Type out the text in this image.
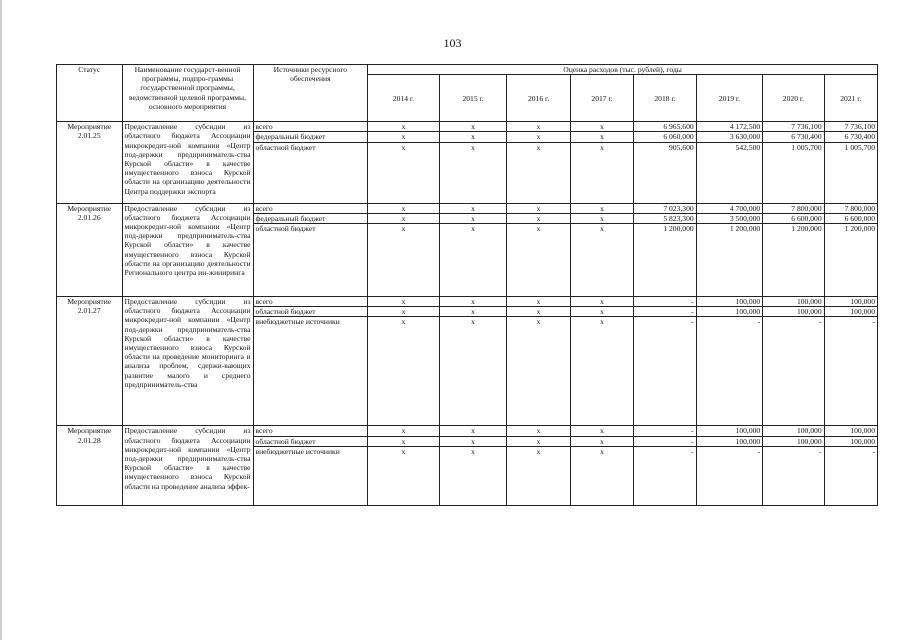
103
Статус	Наименование государст-венной программы, подпро-граммы государственной программы, ведомственной целевой программы, основного мероприятия	Источники ресурсного обеспечения	Оценка расходов (тыс. рублей), годы							
			2014 г.	2015 г.	2016 г.	2017 г.	2018 г.	2019 г.	2020 г.	2021 г.
Мероприятие 2.01.25	Предоставление субсидии из областного бюджета Ассоциации микрокредит-ной компании «Центр под-держки предприниматель-ства Курской области» в качестве имущественного взноса Курской области на организацию деятельности Центра поддержки экспорта	всего	x	x	x	x	6 965,600	4 172,500	7 736,100	7 736,100
		федеральный бюджет	x	x	x	x	6 060,000	3 630,000	6 730,400	6 730,400
		областной бюджет	x	x	x	x	905,600	542,500	1 005,700	1 005,700
Мероприятие 2.01.26	Предоставление субсидии из областного бюджета Ассоциации микрокредит-ной компании «Центр под-держки предприниматель-ства Курской области» в качестве имущественного взноса Курской области на организацию деятельности Регионального центра ин-жиниринга	всего	x	x	x	x	7 023,300	4 700,000	7 800,000	7 800,000
		федеральный бюджет	x	x	x	x	5 823,300	3 500,000	6 600,000	6 600,000
		областной бюджет	x	x	x	x	1 200,000	1 200,000	1 200,000	1 200,000
Мероприятие 2.01.27	Предоставление субсидии из областного бюджета Ассоциации микрокредит-ной компании «Центр под-держки предприниматель-ства Курской области» в качестве имущественного взноса Курской области на проведение мониторинга и анализа проблем, сдержи-вающих развитие малого и среднего предприниматель-ства	всего	x	x	x	x	-	100,000	100,000	100,000
		областной бюджет	x	x	x	x	-	100,000	100,000	100,000
		внебюджетные источники	x	x	x	x	-	-	-	-
Мероприятие 2.01.28	Предоставление субсидии из областного бюджета Ассоциации микрокредит-ной компании «Центр под-держки предприниматель-ства Курской области» в качестве имущественного взноса Курской области на проведение анализа эффек-	всего	x	x	x	x	-	100,000	100,000	100,000
		областной бюджет	x	x	x	x	-	100,000	100,000	100,000
		внебюджетные источники	x	x	x	x	-	-	-	-
